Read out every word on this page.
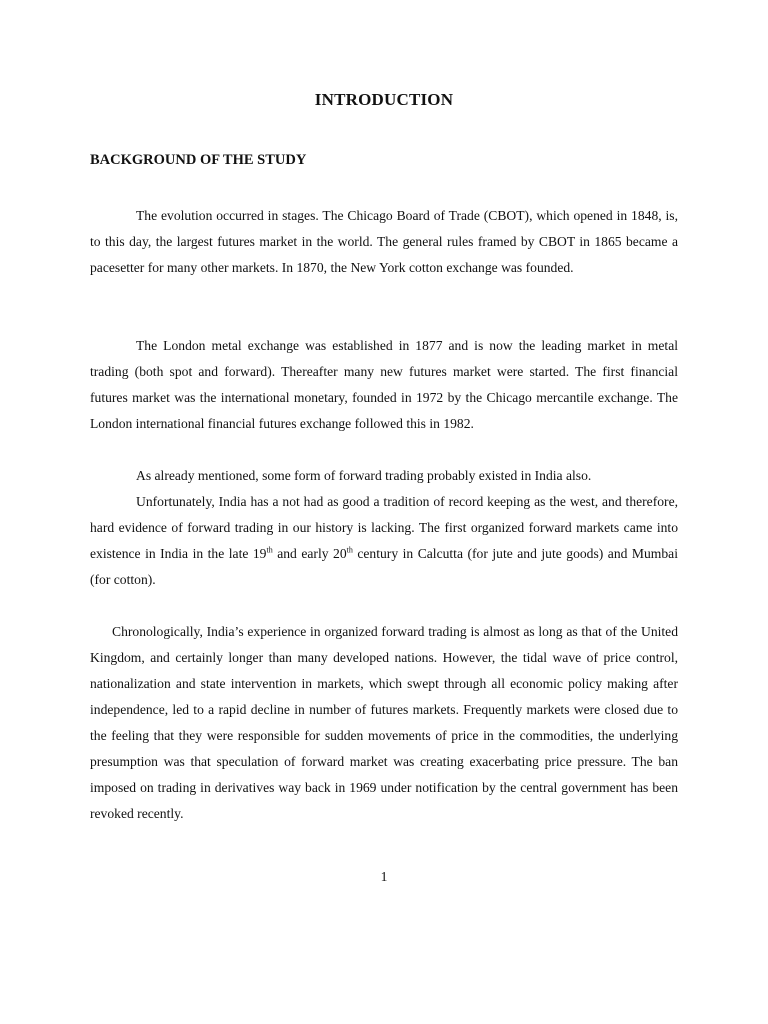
INTRODUCTION
BACKGROUND OF THE STUDY

The evolution occurred in stages. The Chicago Board of Trade (CBOT), which opened in 1848, is, to this day, the largest futures market in the world. The general rules framed by CBOT in 1865 became a pacesetter for many other markets. In 1870, the New York cotton exchange was founded.

The London metal exchange was established in 1877 and is now the leading market in metal trading (both spot and forward). Thereafter many new futures market were started. The first financial futures market was the international monetary, founded in 1972 by the Chicago mercantile exchange. The London international financial futures exchange followed this in 1982.

As already mentioned, some form of forward trading probably existed in India also.

Unfortunately, India has a not had as good a tradition of record keeping as the west, and therefore, hard evidence of forward trading in our history is lacking. The first organized forward markets came into existence in India in the late 19th and early 20th century in Calcutta (for jute and jute goods) and Mumbai (for cotton).

Chronologically, India’s experience in organized forward trading is almost as long as that of the United Kingdom, and certainly longer than many developed nations. However, the tidal wave of price control, nationalization and state intervention in markets, which swept through all economic policy making after independence, led to a rapid decline in number of futures markets. Frequently markets were closed due to the feeling that they were responsible for sudden movements of price in the commodities, the underlying presumption was that speculation of forward market was creating exacerbating price pressure. The ban imposed on trading in derivatives way back in 1969 under notification by the central government has been revoked recently.

1
